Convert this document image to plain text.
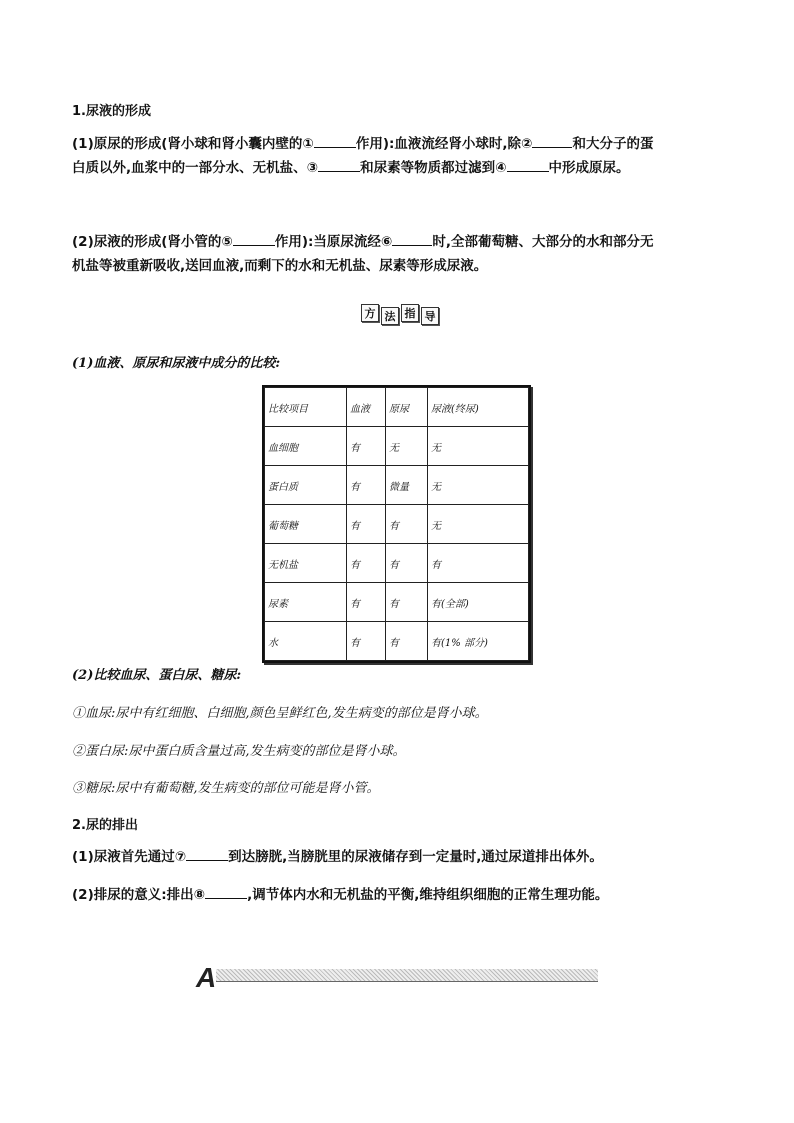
1.尿液的形成
(1)原尿的形成(肾小球和肾小囊内壁的①	作用):血液流经肾小球时,除②	和大分子的蛋
白质以外,血浆中的一部分水、无机盐、③	和尿素等物质都过滤到④	中形成原尿。
(2)尿液的形成(肾小管的⑤	作用):当原尿流经⑥	时,全部葡萄糖、大部分的水和部分无
机盐等被重新吸收,送回血液,而剩下的水和无机盐、尿素等形成尿液。
方 法 指 导
(1)血液、原尿和尿液中成分的比较:
比较项目	血液	原尿	尿液(终尿)
血细胞	有	无	无
蛋白质	有	微量	无
葡萄糖	有	有	无
无机盐	有	有	有
尿素	有	有	有(全部)
水	有	有	有(1% 部分)
(2)比较血尿、蛋白尿、糖尿:
①血尿:尿中有红细胞、白细胞,颜色呈鲜红色,发生病变的部位是肾小球。
②蛋白尿:尿中蛋白质含量过高,发生病变的部位是肾小球。
③糖尿:尿中有葡萄糖,发生病变的部位可能是肾小管。
2.尿的排出
(1)尿液首先通过⑦	到达膀胱,当膀胱里的尿液储存到一定量时,通过尿道排出体外。
(2)排尿的意义:排出⑧	,调节体内水和无机盐的平衡,维持组织细胞的正常生理功能。
A
